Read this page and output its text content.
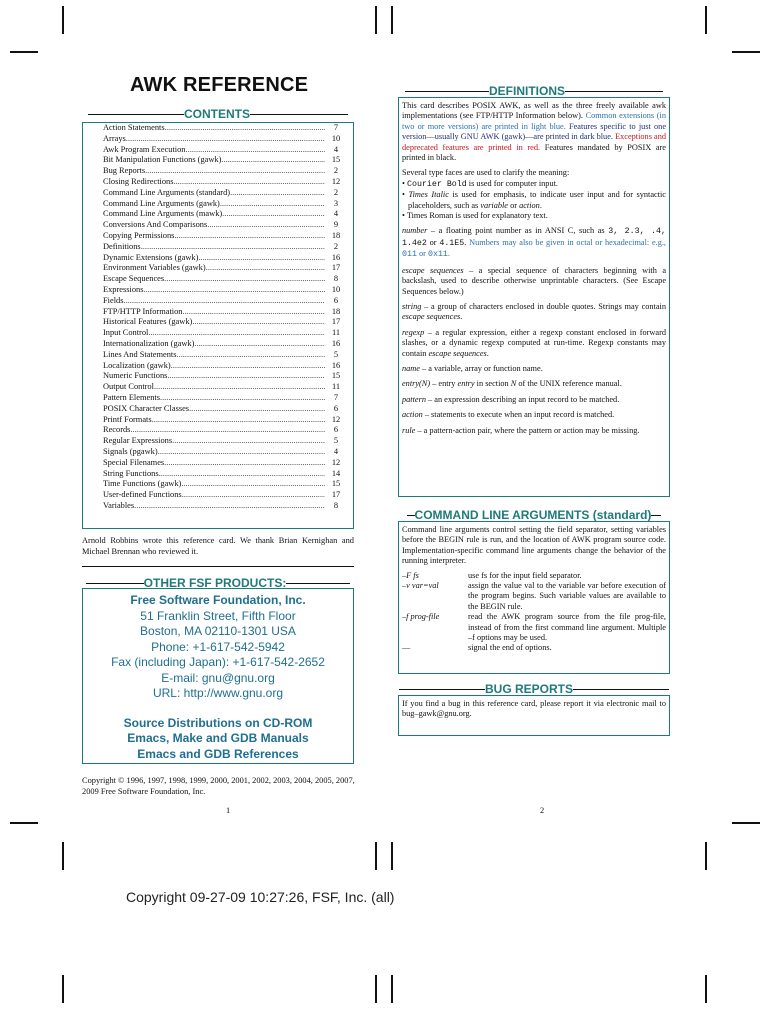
AWK REFERENCE
CONTENTS
Action Statements .....	7
Arrays .....	10
Awk Program Execution .....	4
Bit Manipulation Functions (gawk) .....	15
Bug Reports .....	2
Closing Redirections .....	12
Command Line Arguments (standard) .....	2
Command Line Arguments (gawk) .....	3
Command Line Arguments (mawk) .....	4
Conversions And Comparisons .....	9
Copying Permissions .....	18
Definitions .....	2
Dynamic Extensions (gawk) .....	16
Environment Variables (gawk) .....	17
Escape Sequences .....	8
Expressions .....	10
Fields .....	6
FTP/HTTP Information .....	18
Historical Features (gawk) .....	17
Input Control .....	11
Internationalization (gawk) .....	16
Lines And Statements .....	5
Localization (gawk) .....	16
Numeric Functions .....	15
Output Control .....	11
Pattern Elements .....	7
POSIX Character Classes .....	6
Printf Formats .....	12
Records .....	6
Regular Expressions .....	5
Signals (pgawk) .....	4
Special Filenames .....	12
String Functions .....	14
Time Functions (gawk) .....	15
User-defined Functions .....	17
Variables .....	8
Arnold Robbins wrote this reference card. We thank Brian Kernighan and Michael Brennan who reviewed it.
OTHER FSF PRODUCTS:
Free Software Foundation, Inc.
51 Franklin Street, Fifth Floor
Boston, MA 02110-1301 USA
Phone: +1-617-542-5942
Fax (including Japan): +1-617-542-2652
E-mail: gnu@gnu.org
URL: http://www.gnu.org
Source Distributions on CD-ROM
Emacs, Make and GDB Manuals
Emacs and GDB References
Copyright © 1996, 1997, 1998, 1999, 2000, 2001, 2002, 2003, 2004, 2005, 2007, 2009 Free Software Foundation, Inc.
1
DEFINITIONS

This card describes POSIX AWK, as well as the three freely available awk implementations (see FTP/HTTP Information below). Common extensions (in two or more versions) are printed in light blue. Features specific to just one version—usually GNU AWK (gawk)—are printed in dark blue. Exceptions and deprecated features are printed in red. Features mandated by POSIX are printed in black.

Several type faces are used to clarify the meaning:

• Courier Bold is used for computer input.

• Times Italic is used for emphasis, to indicate user input and for syntactic placeholders, such as variable or action.

• Times Roman is used for explanatory text.

number – a floating point number as in ANSI C, such as 3, 2.3, .4, 1.4e2 or 4.1E5. Numbers may also be given in octal or hexadecimal: e.g., 011 or 0x11.

escape sequences – a special sequence of characters beginning with a backslash, used to describe otherwise unprintable characters. (See Escape Sequences below.)

string – a group of characters enclosed in double quotes. Strings may contain escape sequences.

regexp – a regular expression, either a regexp constant enclosed in forward slashes, or a dynamic regexp computed at run-time. Regexp constants may contain escape sequences.

name – a variable, array or function name.

entry(N) – entry entry in section N of the UNIX reference manual.

pattern – an expression describing an input record to be matched.

action – statements to execute when an input record is matched.

rule – a pattern-action pair, where the pattern or action may be missing.

COMMAND LINE ARGUMENTS (standard)

Command line arguments control setting the field separator, setting variables before the BEGIN rule is run, and the location of AWK program source code. Implementation-specific command line arguments change the behavior of the running interpreter.

–F fs	use fs for the input field separator.
–v var=val	assign the value val to the variable var before execution of the program begins. Such variable values are available to the BEGIN rule.
–f prog-file	read the AWK program source from the file prog-file, instead of from the first command line argument. Multiple –f options may be used.
––	signal the end of options.
BUG REPORTS
If you find a bug in this reference card, please report it via electronic mail to bug–gawk@gnu.org.
2
Copyright 09-27-09 10:27:26, FSF, Inc. (all)
